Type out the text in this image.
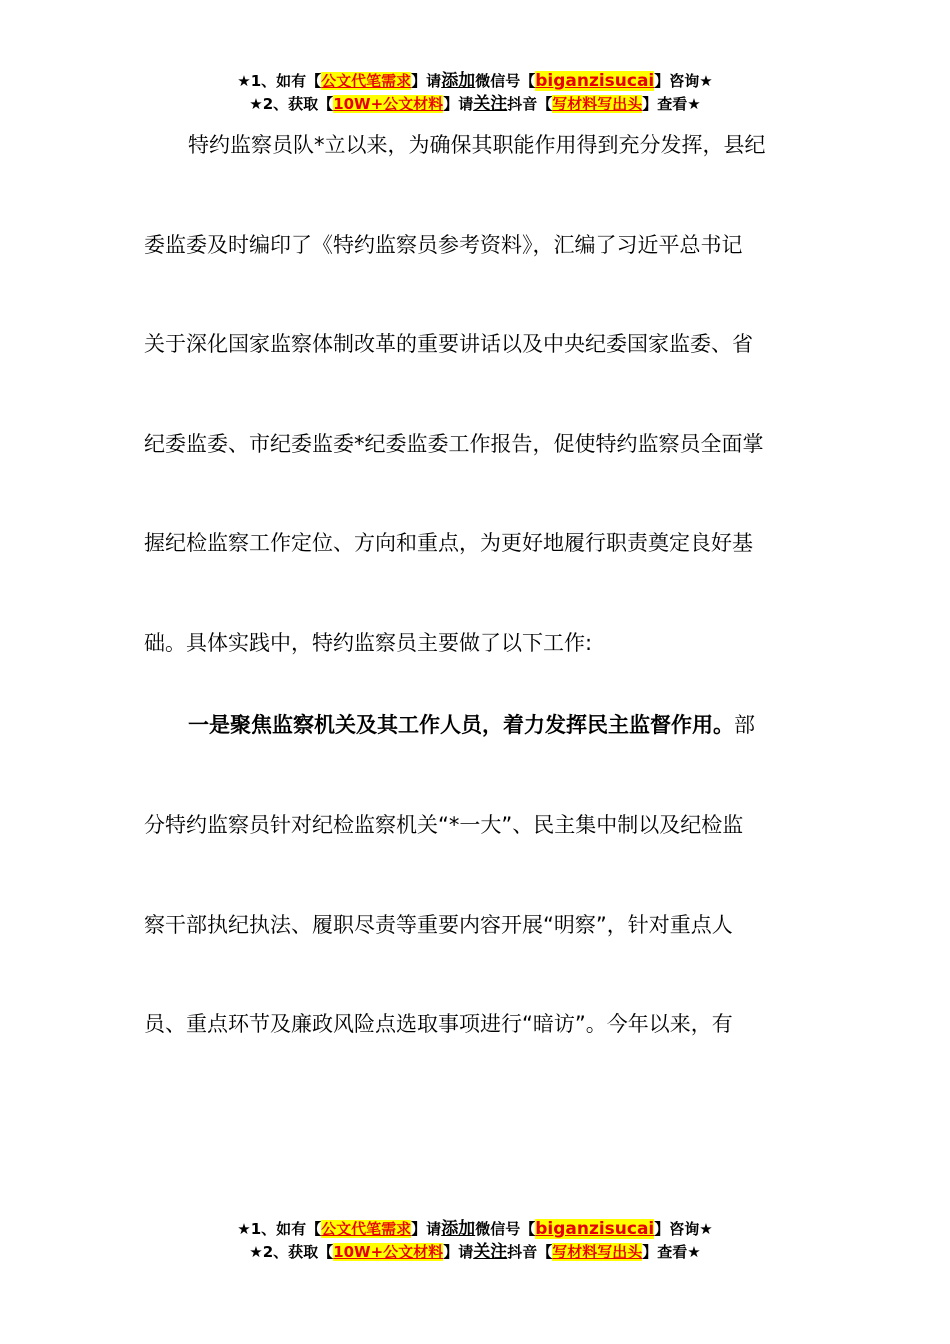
★1、如有【公文代笔需求】请添加微信号【biganzisucai】咨询★
★2、获取【10W+公文材料】请关注抖音【写材料写出头】查看★
特约监察员队*立以来，为确保其职能作用得到充分发挥，县纪
委监委及时编印了《特约监察员参考资料》，汇编了习近平总书记
关于深化国家监察体制改革的重要讲话以及中央纪委国家监委、省
纪委监委、市纪委监委*纪委监委工作报告，促使特约监察员全面掌
握纪检监察工作定位、方向和重点，为更好地履行职责奠定良好基
础。具体实践中，特约监察员主要做了以下工作:
一是聚焦监察机关及其工作人员，着力发挥民主监督作用。部
分特约监察员针对纪检监察机关“*一大”、民主集中制以及纪检监
察干部执纪执法、履职尽责等重要内容开展“明察”，针对重点人
员、重点环节及廉政风险点选取事项进行“暗访”。今年以来，有
★1、如有【公文代笔需求】请添加微信号【biganzisucai】咨询★
★2、获取【10W+公文材料】请关注抖音【写材料写出头】查看★
